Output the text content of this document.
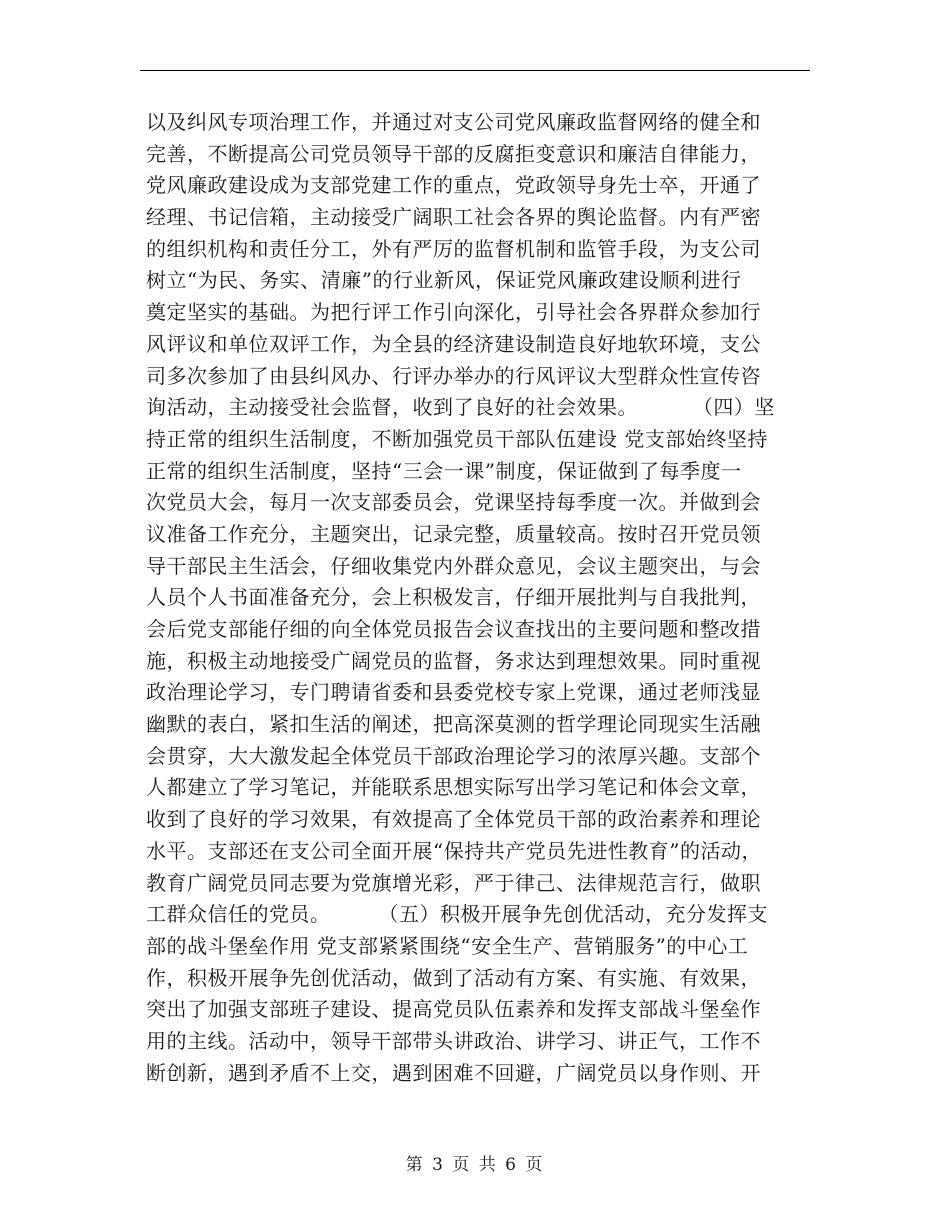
以及纠风专项治理工作，并通过对支公司党风廉政监督网络的健全和
完善，不断提高公司党员领导干部的反腐拒变意识和廉洁自律能力，
党风廉政建设成为支部党建工作的重点，党政领导身先士卒，开通了
经理、书记信箱，主动接受广阔职工社会各界的舆论监督。内有严密
的组织机构和责任分工，外有严厉的监督机制和监管手段，为支公司
树立“为民、务实、清廉”的行业新风，保证党风廉政建设顺利进行
奠定坚实的基础。为把行评工作引向深化，引导社会各界群众参加行
风评议和单位双评工作，为全县的经济建设制造良好地软环境，支公
司多次参加了由县纠风办、行评办举办的行风评议大型群众性宣传咨
询活动，主动接受社会监督，收到了良好的社会效果。        （四）坚
持正常的组织生活制度，不断加强党员干部队伍建设 党支部始终坚持
正常的组织生活制度，坚持“三会一课”制度，保证做到了每季度一
次党员大会，每月一次支部委员会，党课坚持每季度一次。并做到会
议准备工作充分，主题突出，记录完整，质量较高。按时召开党员领
导干部民主生活会，仔细收集党内外群众意见，会议主题突出，与会
人员个人书面准备充分，会上积极发言，仔细开展批判与自我批判，
会后党支部能仔细的向全体党员报告会议查找出的主要问题和整改措
施，积极主动地接受广阔党员的监督，务求达到理想效果。同时重视
政治理论学习，专门聘请省委和县委党校专家上党课，通过老师浅显
幽默的表白，紧扣生活的阐述，把高深莫测的哲学理论同现实生活融
会贯穿，大大激发起全体党员干部政治理论学习的浓厚兴趣。支部个
人都建立了学习笔记，并能联系思想实际写出学习笔记和体会文章，
收到了良好的学习效果，有效提高了全体党员干部的政治素养和理论
水平。支部还在支公司全面开展“保持共产党员先进性教育”的活动，
教育广阔党员同志要为党旗增光彩，严于律己、法律规范言行，做职
工群众信任的党员。       （五）积极开展争先创优活动，充分发挥支
部的战斗堡垒作用 党支部紧紧围绕“安全生产、营销服务”的中心工
作，积极开展争先创优活动，做到了活动有方案、有实施、有效果，
突出了加强支部班子建设、提高党员队伍素养和发挥支部战斗堡垒作
用的主线。活动中，领导干部带头讲政治、讲学习、讲正气，工作不
断创新，遇到矛盾不上交，遇到困难不回避，广阔党员以身作则、开
第 3 页 共 6 页
